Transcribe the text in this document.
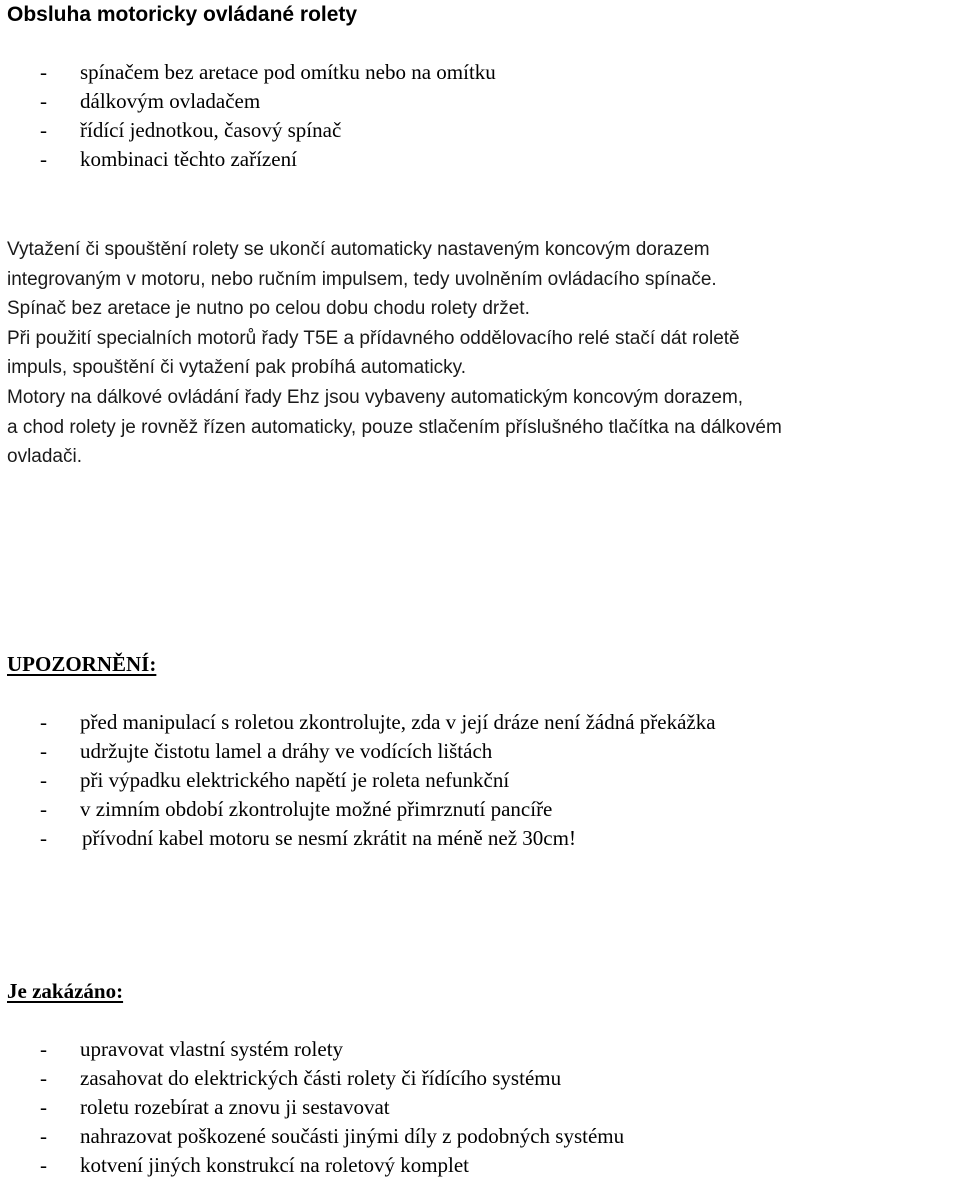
Obsluha motoricky ovládané rolety
- spínačem bez aretace pod omítku nebo na omítku
- dálkovým ovladačem
- řídící jednotkou, časový spínač
- kombinaci těchto zařízení

Vytažení či spouštění rolety se ukončí automaticky nastaveným koncovým dorazem
integrovaným v motoru, nebo ručním impulsem, tedy uvolněním ovládacího spínače.
Spínač bez aretace je nutno po celou dobu chodu rolety držet.
Při použití specialních motorů řady T5E a přídavného oddělovacího relé stačí dát roletě
impuls, spouštění či vytažení pak probíhá automaticky.
Motory na dálkové ovládání řady Ehz jsou vybaveny automatickým koncovým dorazem,
a chod rolety je rovněž řízen automaticky, pouze stlačením příslušného tlačítka na dálkovém
ovladači.

UPOZORNĚNÍ:
- před manipulací s roletou zkontrolujte, zda v její dráze není žádná překážka
- udržujte čistotu lamel a dráhy ve vodících lištách
- při výpadku elektrického napětí je roleta nefunkční
- v zimním období zkontrolujte možné přimrznutí pancíře
- přívodní kabel motoru se nesmí zkrátit na méně než 30cm!
Je zakázáno:
- upravovat vlastní systém rolety
- zasahovat do elektrických části rolety či řídícího systému
- roletu rozebírat a znovu ji sestavovat
- nahrazovat poškozené součásti jinými díly z podobných systému
- kotvení jiných konstrukcí na roletový komplet
